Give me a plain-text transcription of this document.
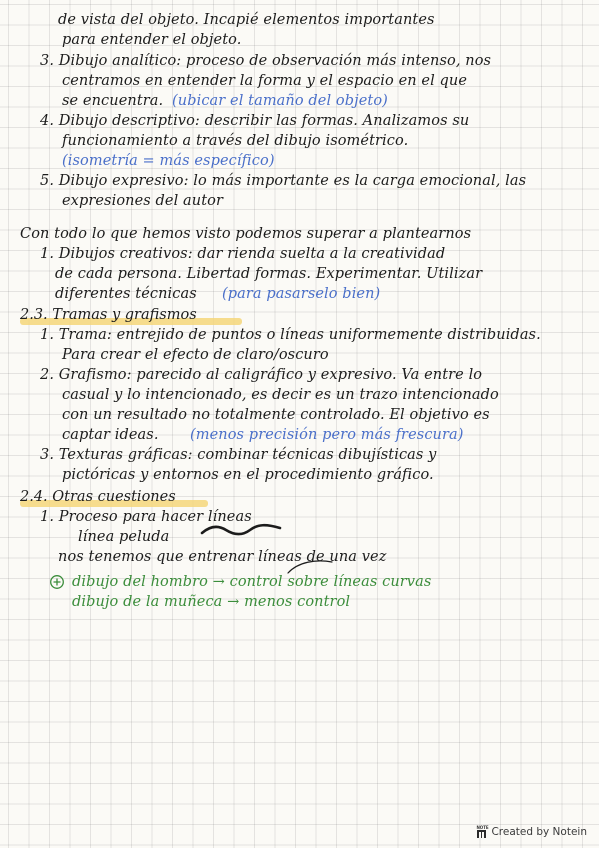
de vista del objeto. Incapié elementos importantes
para entender el objeto.
3. Dibujo analítico: proceso de observación más intenso, nos
centramos en entender la forma y el espacio en el que
se encuentra. (ubicar el tamaño del objeto)
4. Dibujo descriptivo: describir las formas. Analizamos su
funcionamiento a través del dibujo isométrico.
(isometría = más específico)
5. Dibujo expresivo: lo más importante es la carga emocional, las
expresiones del autor
Con todo lo que hemos visto podemos superar a plantearnos
1. Dibujos creativos: dar rienda suelta a la creatividad
de cada persona. Libertad formas. Experimentar. Utilizar
diferentes técnicas (para pasarselo bien)
2.3. Tramas y grafismos
1. Trama: entrejido de puntos o líneas uniformemente distribuidas.
Para crear el efecto de claro/oscuro
2. Grafismo: parecido al caligráfico y expresivo. Va entre lo
casual y lo intencionado, es decir es un trazo intencionado
con un resultado no totalmente controlado. El objetivo es
captar ideas. (menos precisión pero más frescura)
3. Texturas gráficas: combinar técnicas dibujísticas y
pictóricas y entornos en el procedimiento gráfico.
2.4. Otras cuestiones
1. Proceso para hacer líneas
línea peluda
nos tenemos que entrenar líneas de una vez
dibujo del hombro → control sobre líneas curvas
dibujo de la muñeca → menos control
NOTE Created by Notein
